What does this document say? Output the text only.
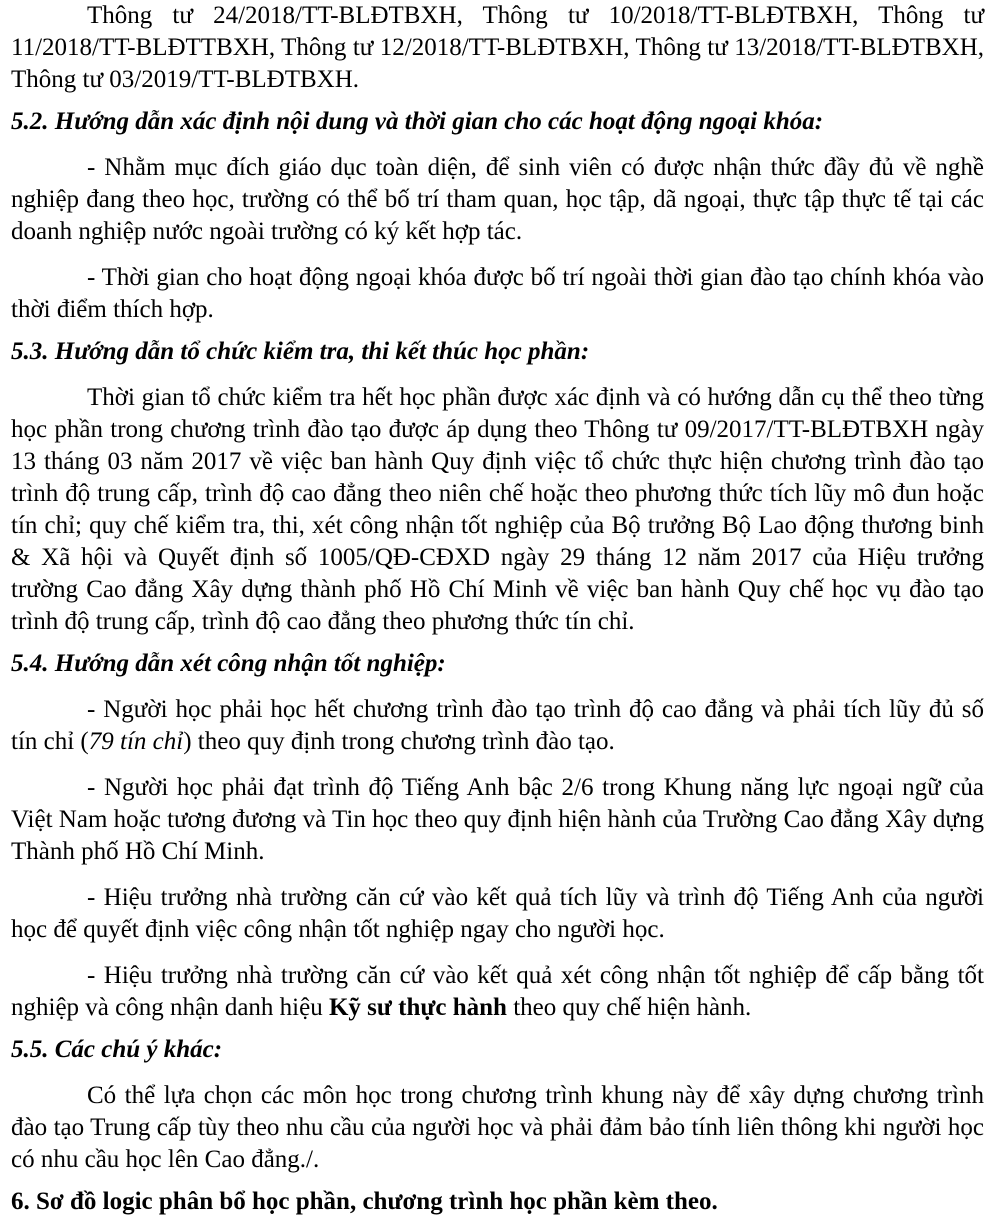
Thông tư 24/2018/TT-BLĐTBXH, Thông tư 10/2018/TT-BLĐTBXH, Thông tư 11/2018/TT-BLĐTTBXH, Thông tư 12/2018/TT-BLĐTBXH, Thông tư 13/2018/TT-BLĐTBXH, Thông tư 03/2019/TT-BLĐTBXH.

5.2. Hướng dẫn xác định nội dung và thời gian cho các hoạt động ngoại khóa:

- Nhằm mục đích giáo dục toàn diện, để sinh viên có được nhận thức đầy đủ về nghề nghiệp đang theo học, trường có thể bố trí tham quan, học tập, dã ngoại, thực tập thực tế tại các doanh nghiệp nước ngoài trường có ký kết hợp tác.

- Thời gian cho hoạt động ngoại khóa được bố trí ngoài thời gian đào tạo chính khóa vào thời điểm thích hợp.

5.3. Hướng dẫn tổ chức kiểm tra, thi kết thúc học phần:

Thời gian tổ chức kiểm tra hết học phần được xác định và có hướng dẫn cụ thể theo từng học phần trong chương trình đào tạo được áp dụng theo Thông tư 09/2017/TT-BLĐTBXH ngày 13 tháng 03 năm 2017 về việc ban hành Quy định việc tổ chức thực hiện chương trình đào tạo trình độ trung cấp, trình độ cao đẳng theo niên chế hoặc theo phương thức tích lũy mô đun hoặc tín chỉ; quy chế kiểm tra, thi, xét công nhận tốt nghiệp của Bộ trưởng Bộ Lao động thương binh & Xã hội và Quyết định số 1005/QĐ-CĐXD ngày 29 tháng 12 năm 2017 của Hiệu trưởng trường Cao đẳng Xây dựng thành phố Hồ Chí Minh về việc ban hành Quy chế học vụ đào tạo trình độ trung cấp, trình độ cao đẳng theo phương thức tín chỉ.

5.4. Hướng dẫn xét công nhận tốt nghiệp:

- Người học phải học hết chương trình đào tạo trình độ cao đẳng và phải tích lũy đủ số tín chỉ (79 tín chỉ) theo quy định trong chương trình đào tạo.

- Người học phải đạt trình độ Tiếng Anh bậc 2/6 trong Khung năng lực ngoại ngữ của Việt Nam hoặc tương đương và Tin học theo quy định hiện hành của Trường Cao đẳng Xây dựng Thành phố Hồ Chí Minh.

- Hiệu trưởng nhà trường căn cứ vào kết quả tích lũy và trình độ Tiếng Anh của người học để quyết định việc công nhận tốt nghiệp ngay cho người học.

- Hiệu trưởng nhà trường căn cứ vào kết quả xét công nhận tốt nghiệp để cấp bằng tốt nghiệp và công nhận danh hiệu Kỹ sư thực hành theo quy chế hiện hành.

5.5. Các chú ý khác:

Có thể lựa chọn các môn học trong chương trình khung này để xây dựng chương trình đào tạo Trung cấp tùy theo nhu cầu của người học và phải đảm bảo tính liên thông khi người học có nhu cầu học lên Cao đẳng./.

6. Sơ đồ logic phân bổ học phần, chương trình học phần kèm theo.
